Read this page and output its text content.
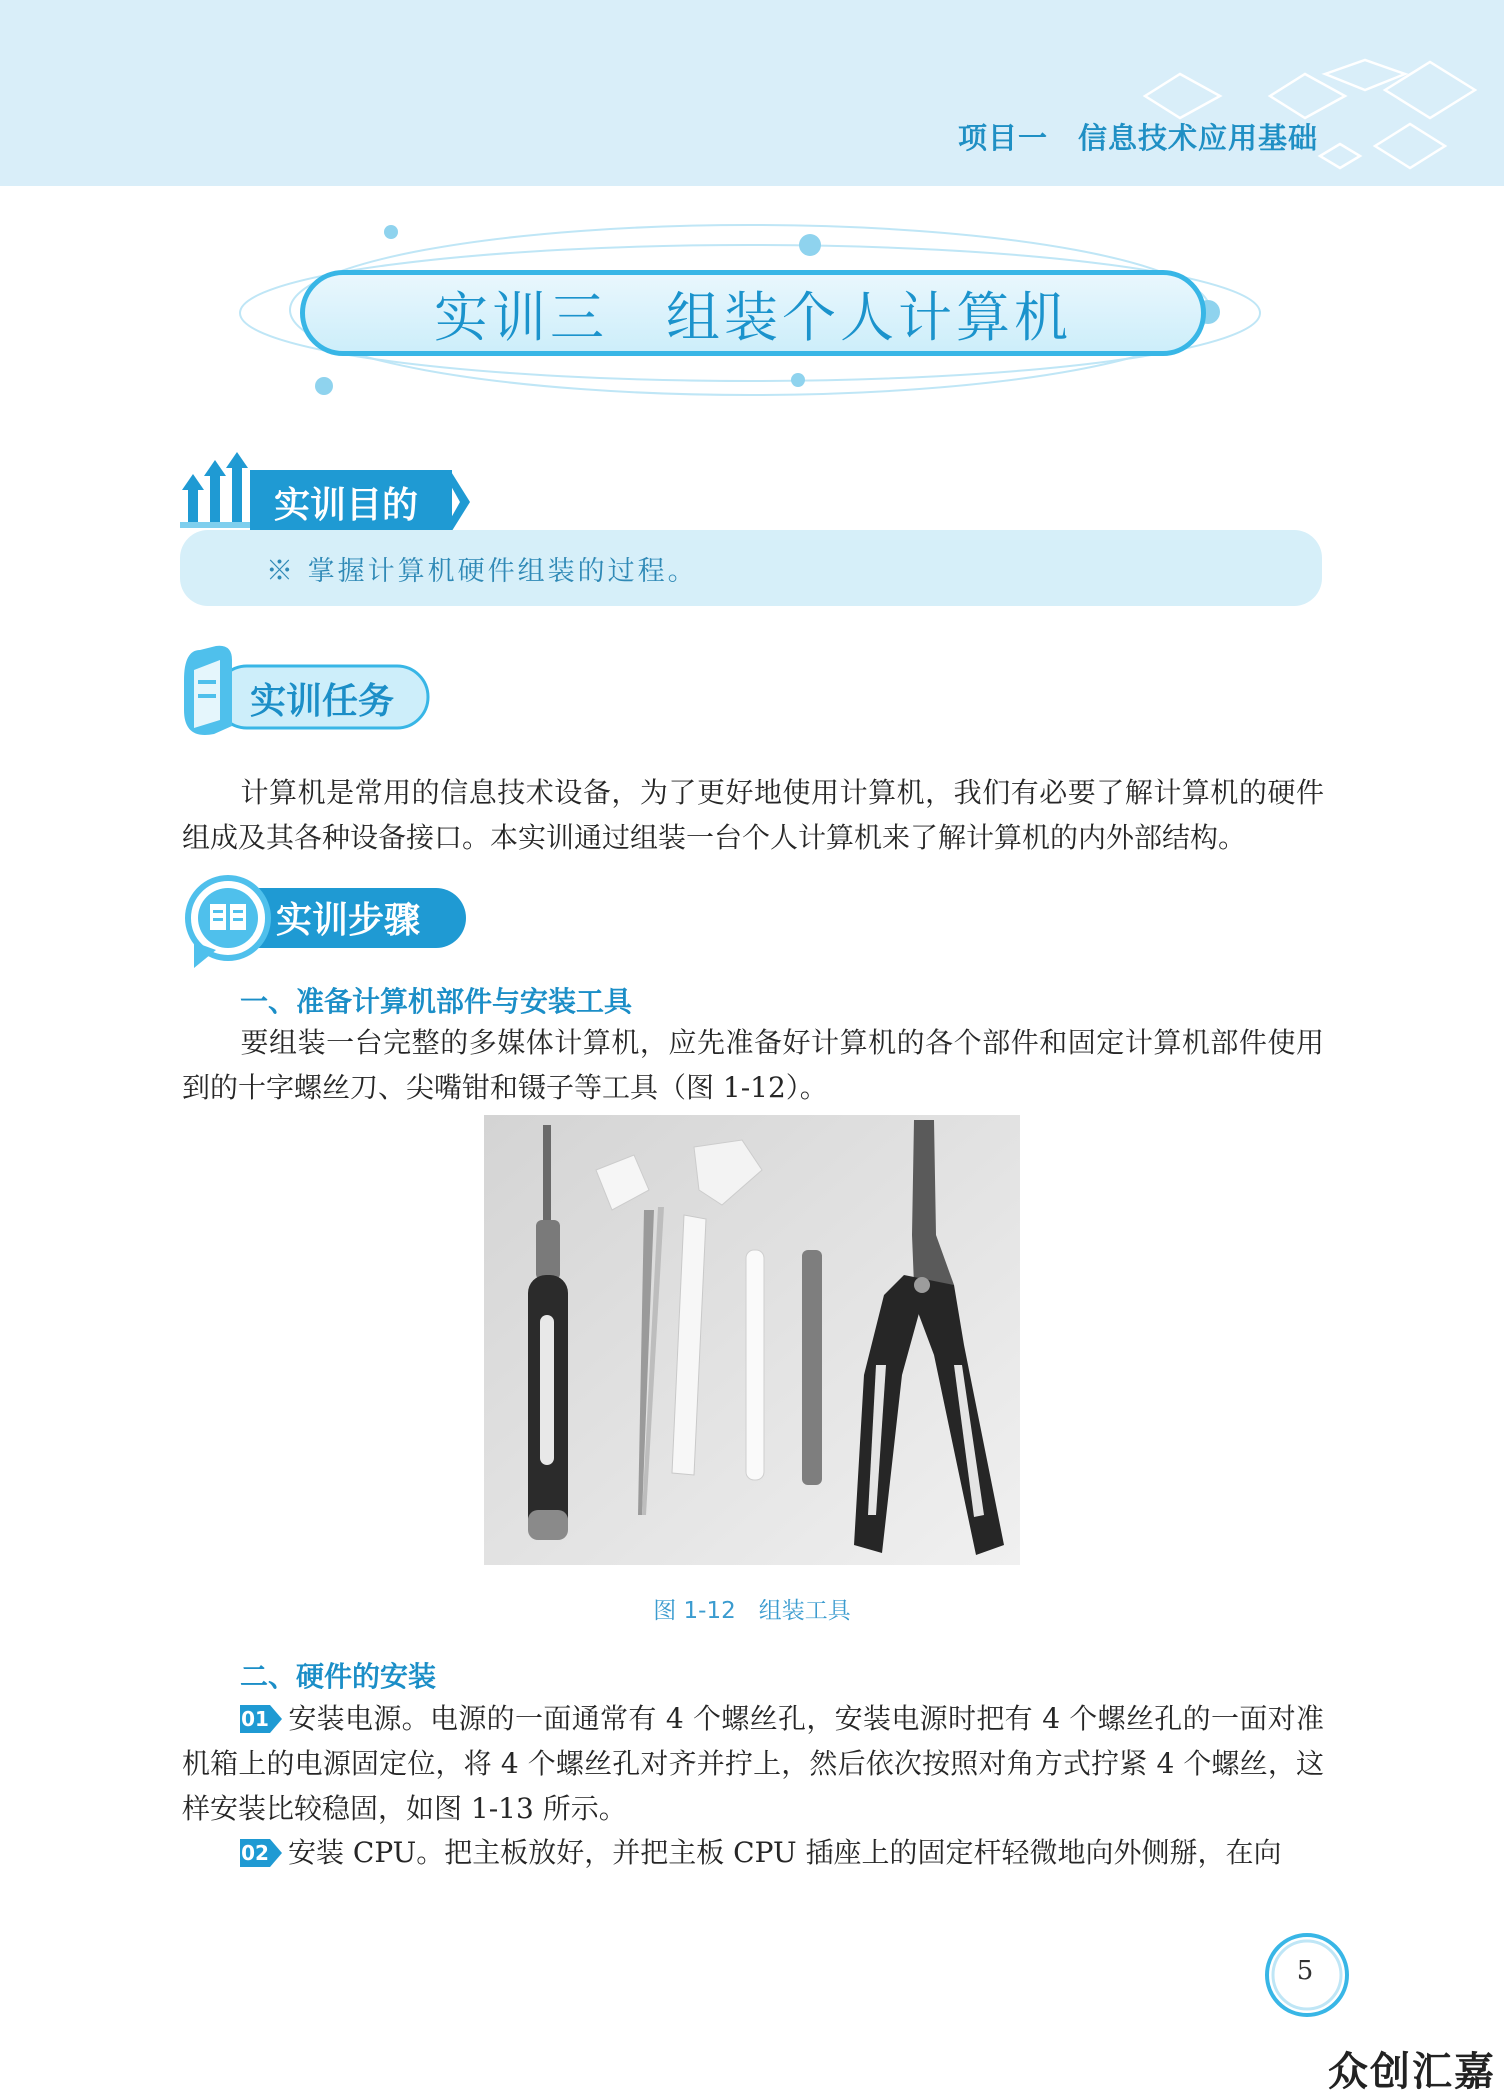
项目一　信息技术应用基础
实训三　组装个人计算机
实训目的
※ 掌握计算机硬件组装的过程。
实训任务
计算机是常用的信息技术设备，为了更好地使用计算机，我们有必要了解计算机的硬件组成及其各种设备接口。本实训通过组装一台个人计算机来了解计算机的内外部结构。
实训步骤
一、准备计算机部件与安装工具
要组装一台完整的多媒体计算机，应先准备好计算机的各个部件和固定计算机部件使用到的十字螺丝刀、尖嘴钳和镊子等工具（图 1-12）。
图 1-12　组装工具
二、硬件的安装
01 安装电源。电源的一面通常有 4 个螺丝孔，安装电源时把有 4 个螺丝孔的一面对准机箱上的电源固定位，将 4 个螺丝孔对齐并拧上，然后依次按照对角方式拧紧 4 个螺丝，这样安装比较稳固，如图 1-13 所示。
02 安装 CPU。把主板放好，并把主板 CPU 插座上的固定杆轻微地向外侧掰，在向
5
众创汇嘉
